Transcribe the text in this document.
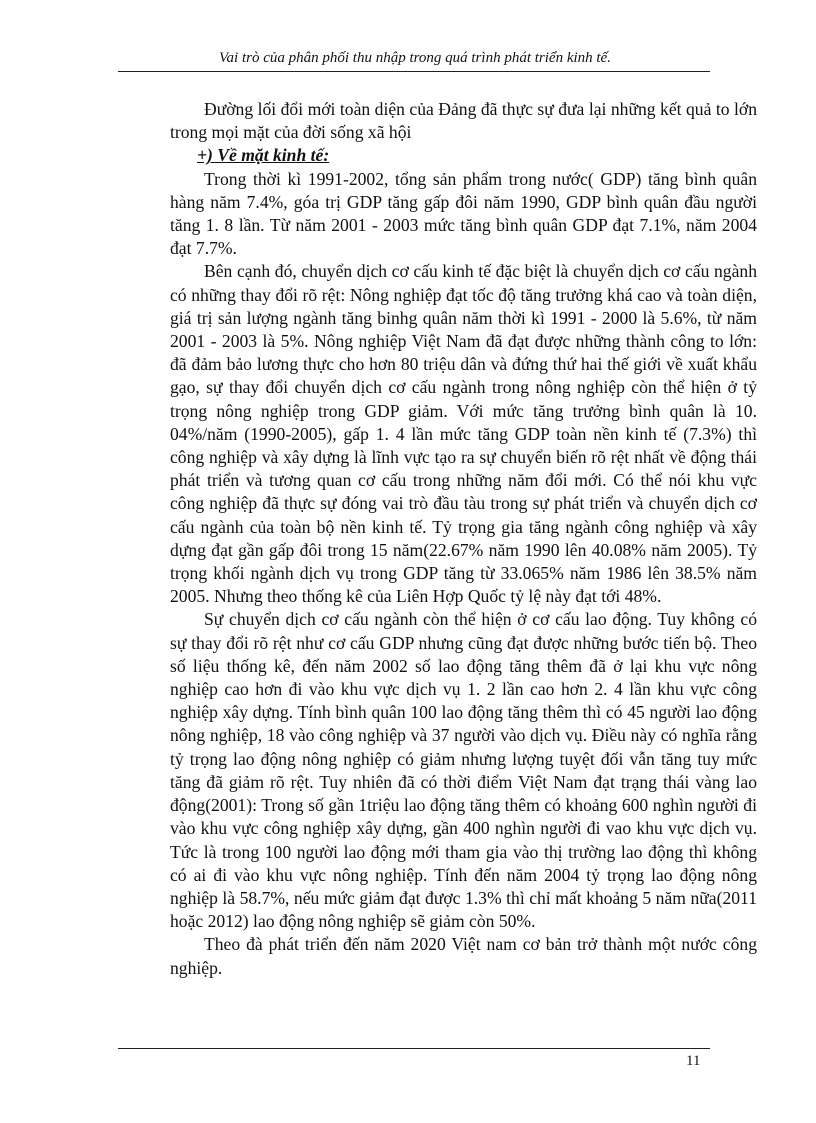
Vai trò của phân phối thu nhập trong quá trình phát triển kinh tế.

Đường lối đổi mới toàn diện của Đảng đã thực sự đưa lại những kết quả to lớn trong mọi mặt của đời sống xã hội

+) Về mặt kinh tế:

Trong thời kì 1991-2002, tổng sản phẩm trong nước( GDP) tăng bình quân hàng năm 7.4%, góa trị GDP tăng gấp đôi năm 1990, GDP bình quân đầu người tăng 1. 8 lần. Từ năm 2001 - 2003 mức tăng bình quân GDP đạt 7.1%, năm 2004 đạt 7.7%.

Bên cạnh đó, chuyển dịch cơ cấu kinh tế đặc biệt là chuyển dịch cơ cấu ngành có những thay đổi rõ rệt: Nông nghiệp đạt tốc độ tăng trưởng khá cao và toàn diện, giá trị sản lượng ngành tăng binhg quân năm thời kì 1991 - 2000 là 5.6%, từ năm 2001 - 2003 là 5%. Nông nghiệp Việt Nam đã đạt được những thành công to lớn: đã đảm bảo lương thực cho hơn 80 triệu dân và đứng thứ hai thế giới về xuất khẩu gạo, sự thay đổi chuyển dịch cơ cấu ngành trong nông nghiệp còn thể hiện ở tỷ trọng nông nghiệp trong GDP giảm. Với mức tăng trưởng bình quân là 10. 04%/năm (1990-2005), gấp 1. 4 lần mức tăng GDP toàn nền kinh tế (7.3%) thì công nghiệp và xây dựng là lĩnh vực tạo ra sự chuyển biến rõ rệt nhất về động thái phát triển và tương quan cơ cấu trong những năm đổi mới. Có thể nói khu vực công nghiệp đã thực sự đóng vai trò đầu tàu trong sự phát triển và chuyển dịch cơ cấu ngành của toàn bộ nền kinh tế. Tỷ trọng gia tăng ngành công nghiệp và xây dựng đạt gần gấp đôi trong 15 năm(22.67% năm 1990 lên 40.08% năm 2005). Tỷ trọng khối ngành dịch vụ trong GDP tăng từ 33.065% năm 1986 lên 38.5% năm 2005. Nhưng theo thống kê của Liên Hợp Quốc tỷ lệ này đạt tới 48%.

Sự chuyển dịch cơ cấu ngành còn thể hiện ở cơ cấu lao động. Tuy không có sự thay đổi rõ rệt như cơ cấu GDP nhưng cũng đạt được những bước tiến bộ. Theo số liệu thống kê, đến năm 2002 số lao động tăng thêm đã ở lại khu vực nông nghiệp cao hơn đi vào khu vực dịch vụ 1. 2 lần cao hơn 2. 4 lần khu vực công nghiệp xây dựng. Tính bình quân 100 lao động tăng thêm thì có 45 người lao động nông nghiệp, 18 vào công nghiệp và 37 người vào dịch vụ. Điều này có nghĩa rằng tỷ trọng lao động nông nghiệp có giảm nhưng lượng tuyệt đối vẫn tăng tuy mức tăng đã giảm rõ rệt. Tuy nhiên đã có thời điểm Việt Nam đạt trạng thái vàng lao động(2001): Trong số gần 1triệu lao động tăng thêm có khoảng 600 nghìn người đi vào khu vực công nghiệp xây dựng, gần 400 nghìn người đi vao khu vực dịch vụ. Tức là trong 100 người lao động mới tham gia vào thị trường lao động thì không có ai đi vào khu vực nông nghiệp. Tính đến năm 2004 tỷ trọng lao động nông nghiệp là 58.7%, nếu mức giảm đạt được 1.3% thì chỉ mất khoảng 5 năm nữa(2011 hoặc 2012) lao động nông nghiệp sẽ giảm còn 50%.

Theo đà phát triển đến năm 2020 Việt nam cơ bản trở thành một nước công nghiệp.

11
